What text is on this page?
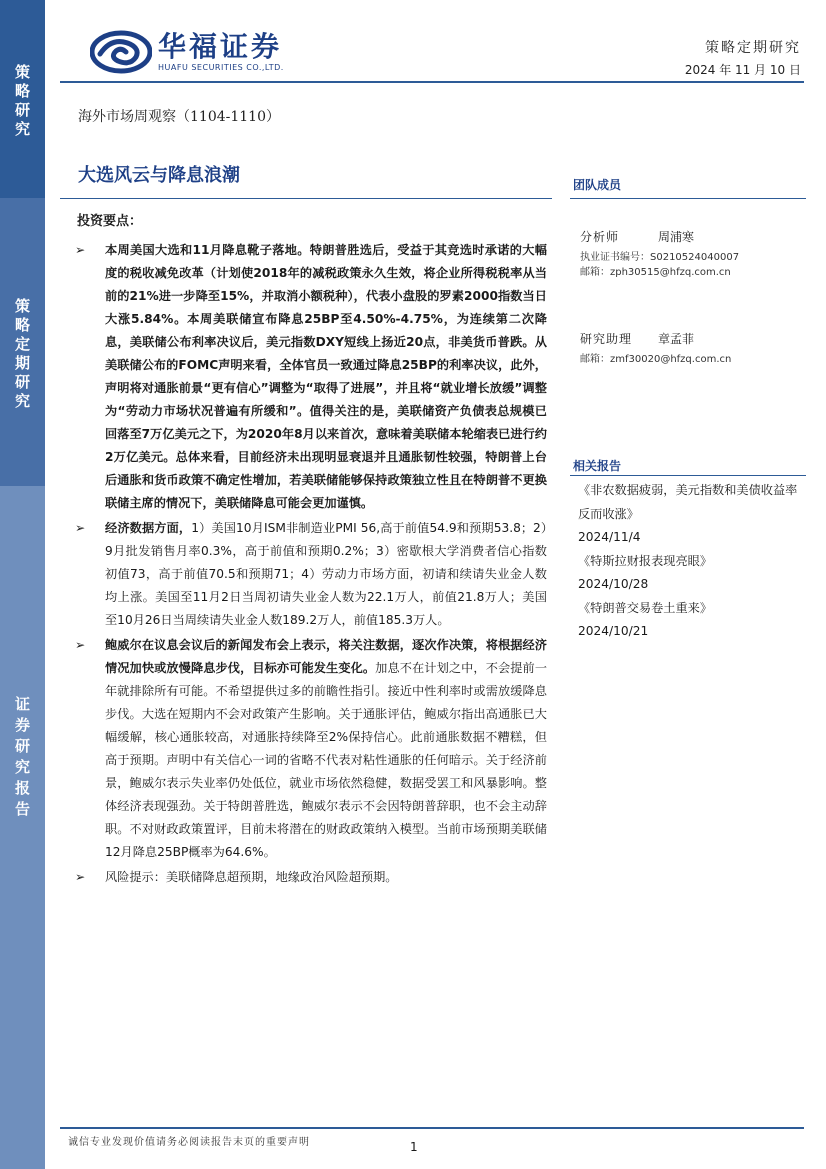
策略研究
策略定期研究
证券研究报告
华福证券
HUAFU SECURITIES CO.,LTD.
策略定期研究
2024 年 11 月 10 日
海外市场周观察（1104-1110）
大选风云与降息浪潮
投资要点：
➢	本周美国大选和11月降息靴子落地。特朗普胜选后，受益于其竞选时承诺的大幅度的税收减免改革（计划使2018年的减税政策永久生效，将企业所得税税率从当前的21%进一步降至15%，并取消小额税种），代表小盘股的罗素2000指数当日大涨5.84%。本周美联储宣布降息25BP至4.50%-4.75%，为连续第二次降息，美联储公布利率决议后，美元指数DXY短线上扬近20点，非美货币普跌。从美联储公布的FOMC声明来看，全体官员一致通过降息25BP的利率决议，此外，声明将对通胀前景“更有信心”调整为“取得了进展”，并且将“就业增长放缓”调整为“劳动力市场状况普遍有所缓和”。值得关注的是，美联储资产负债表总规模已回落至7万亿美元之下，为2020年8月以来首次，意味着美联储本轮缩表已进行约2万亿美元。总体来看，目前经济未出现明显衰退并且通胀韧性较强，特朗普上台后通胀和货币政策不确定性增加，若美联储能够保持政策独立性且在特朗普不更换联储主席的情况下，美联储降息可能会更加谨慎。
➢	经济数据方面，1）美国10月ISM非制造业PMI 56,高于前值54.9和预期53.8；2）9月批发销售月率0.3%，高于前值和预期0.2%；3）密歇根大学消费者信心指数初值73，高于前值70.5和预期71；4）劳动力市场方面，初请和续请失业金人数均上涨。美国至11月2日当周初请失业金人数为22.1万人，前值21.8万人；美国至10月26日当周续请失业金人数189.2万人，前值185.3万人。
➢	鲍威尔在议息会议后的新闻发布会上表示，将关注数据，逐次作决策，将根据经济情况加快或放慢降息步伐，目标亦可能发生变化。加息不在计划之中，不会提前一年就排除所有可能。不希望提供过多的前瞻性指引。接近中性利率时或需放缓降息步伐。大选在短期内不会对政策产生影响。关于通胀评估，鲍威尔指出高通胀已大幅缓解，核心通胀较高，对通胀持续降至2%保持信心。此前通胀数据不糟糕，但高于预期。声明中有关信心一词的省略不代表对粘性通胀的任何暗示。关于经济前景，鲍威尔表示失业率仍处低位，就业市场依然稳健，数据受罢工和风暴影响。整体经济表现强劲。关于特朗普胜选，鲍威尔表示不会因特朗普辞职，也不会主动辞职。不对财政政策置评，目前未将潜在的财政政策纳入模型。当前市场预期美联储12月降息25BP概率为64.6%。
➢	风险提示：美联储降息超预期，地缘政治风险超预期。
团队成员
分析师	周浦寒
执业证书编号：S0210524040007
邮箱：zph30515@hfzq.com.cn
研究助理 章孟菲
邮箱：zmf30020@hfzq.com.cn
相关报告
《非农数据疲弱，美元指数和美债收益率反而收涨》
2024/11/4
《特斯拉财报表现亮眼》
2024/10/28
《特朗普交易卷土重来》
2024/10/21
诚信专业发现价值请务必阅读报告末页的重要声明	1
